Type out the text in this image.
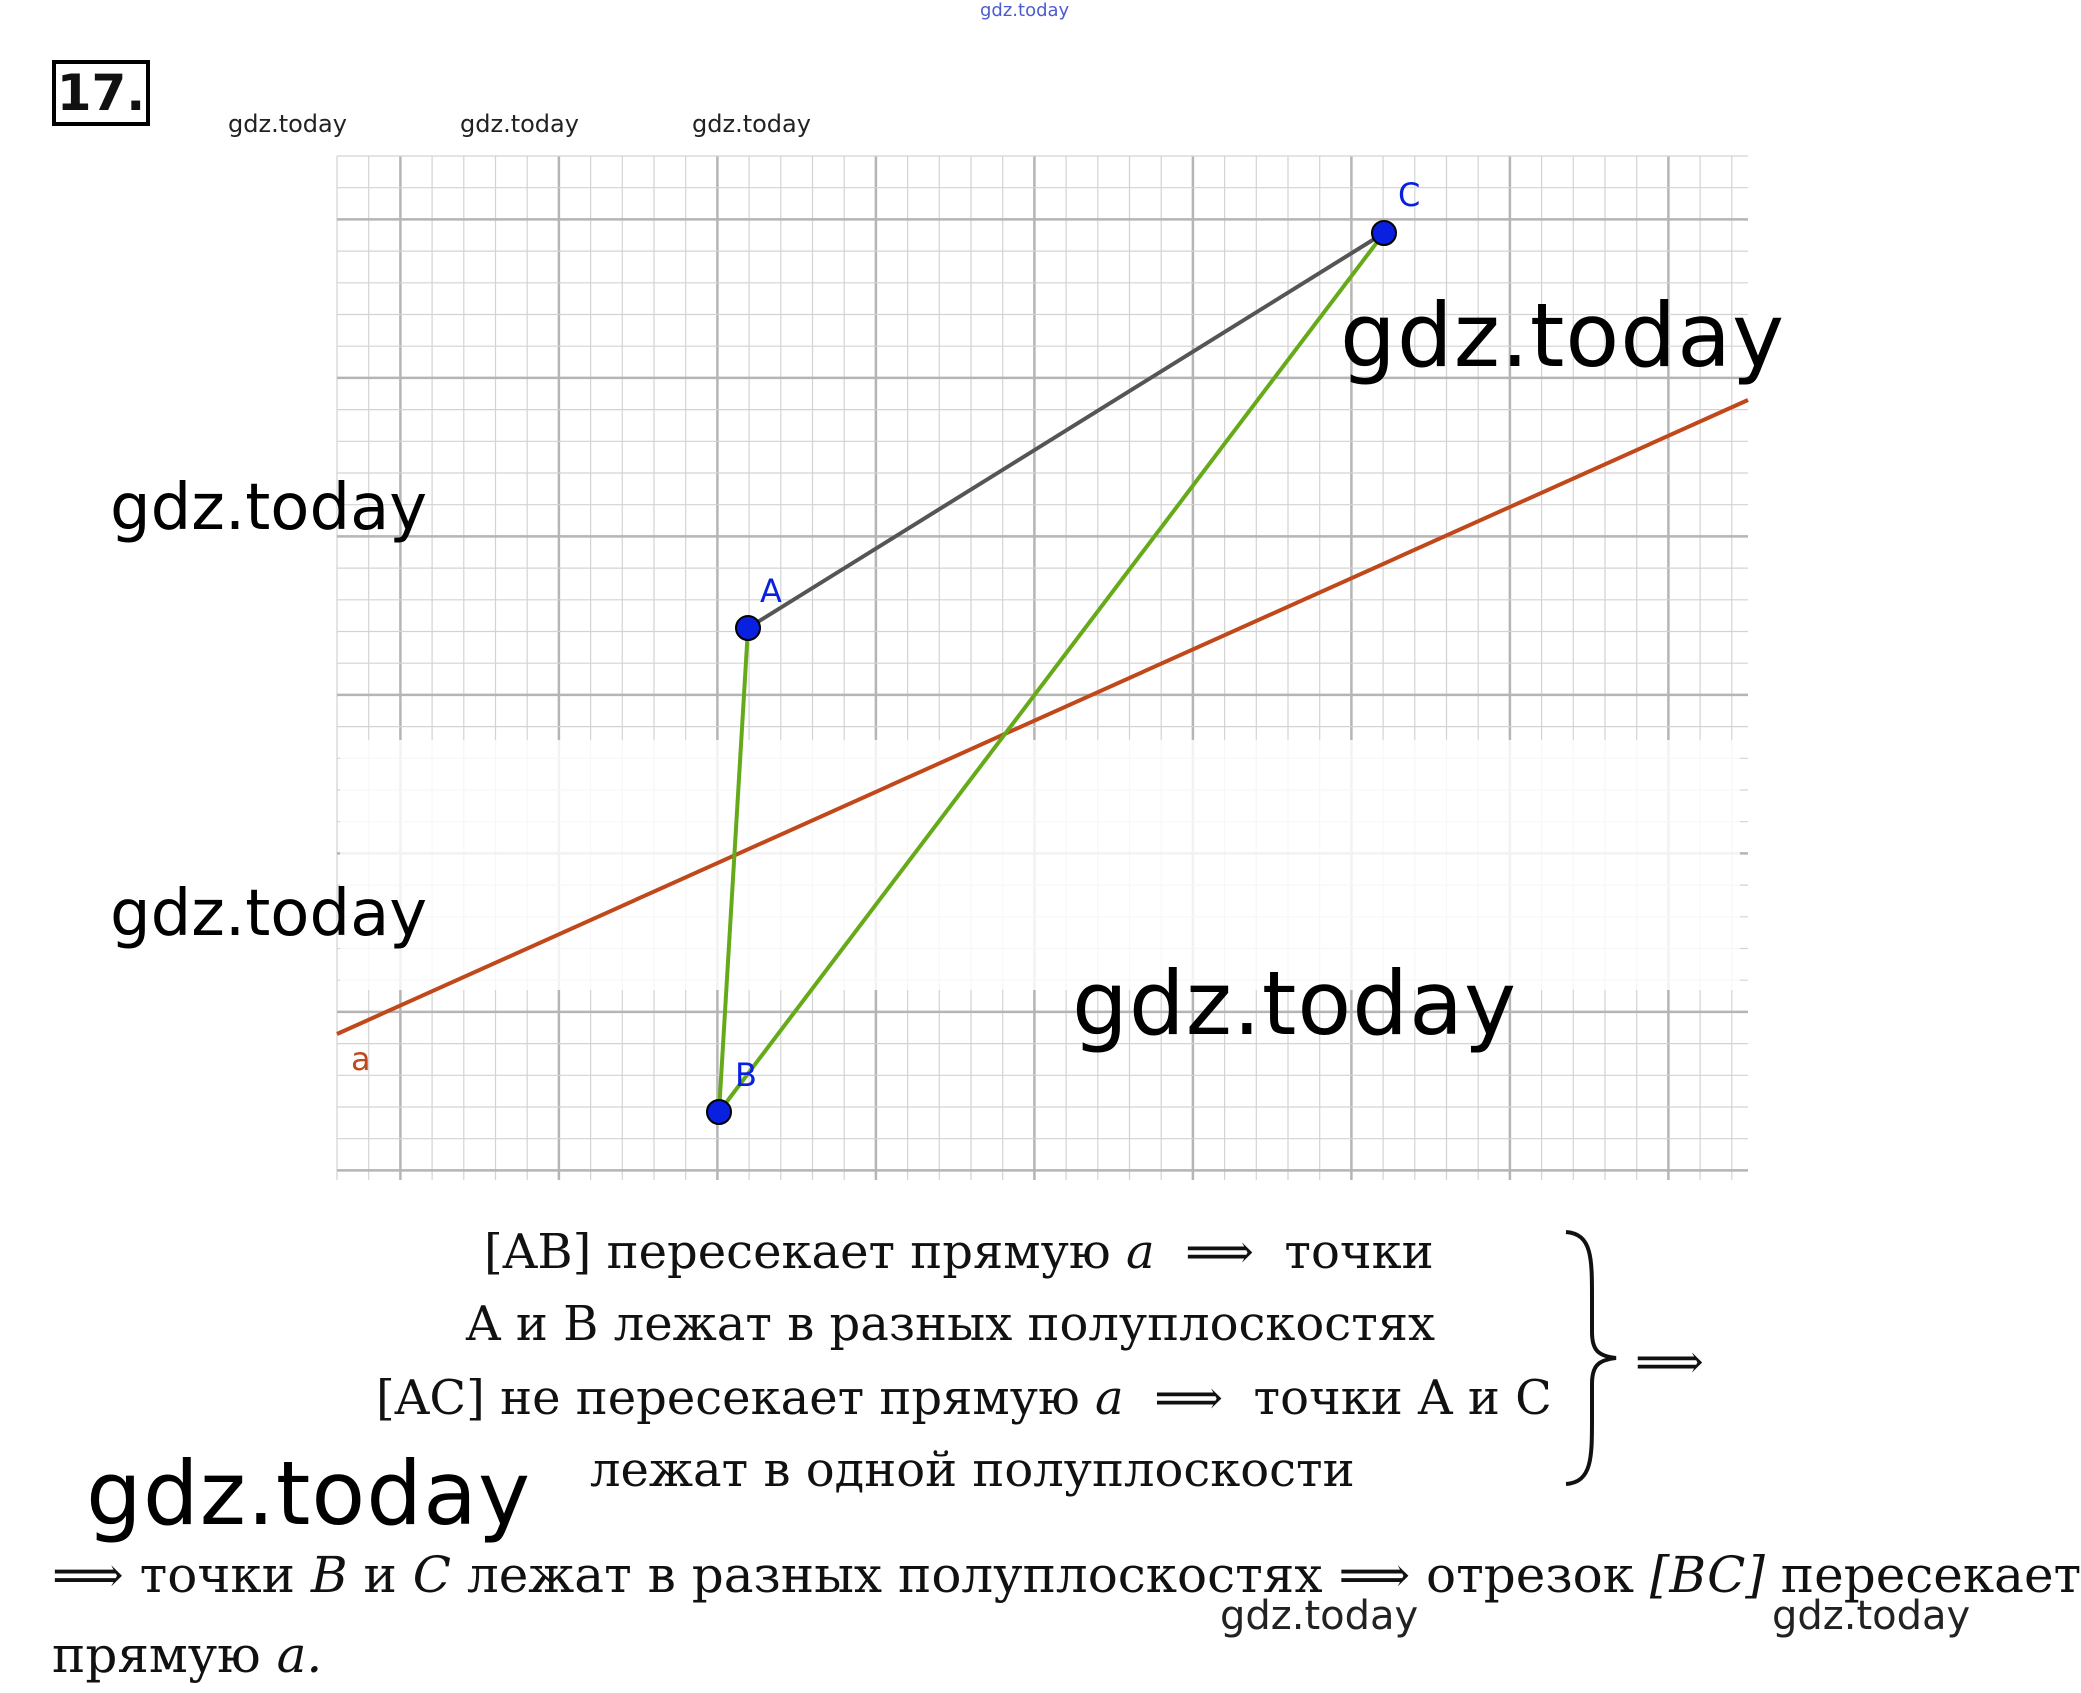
gdz.today
17.
gdz.today	gdz.today	gdz.today
A
B
C
a
gdz.today
gdz.today
gdz.today
gdz.today
gdz.today
[AB] пересекает прямую a ⟹ точки
A и B лежат в разных полуплоскостях
[AC] не пересекает прямую a ⟹ точки A и C
лежат в одной полуплоскости
⟹
⟹ точки B и C лежат в разных полуплоскостях ⟹ отрезок [BC] пересекает
прямую a.
gdz.today	gdz.today
